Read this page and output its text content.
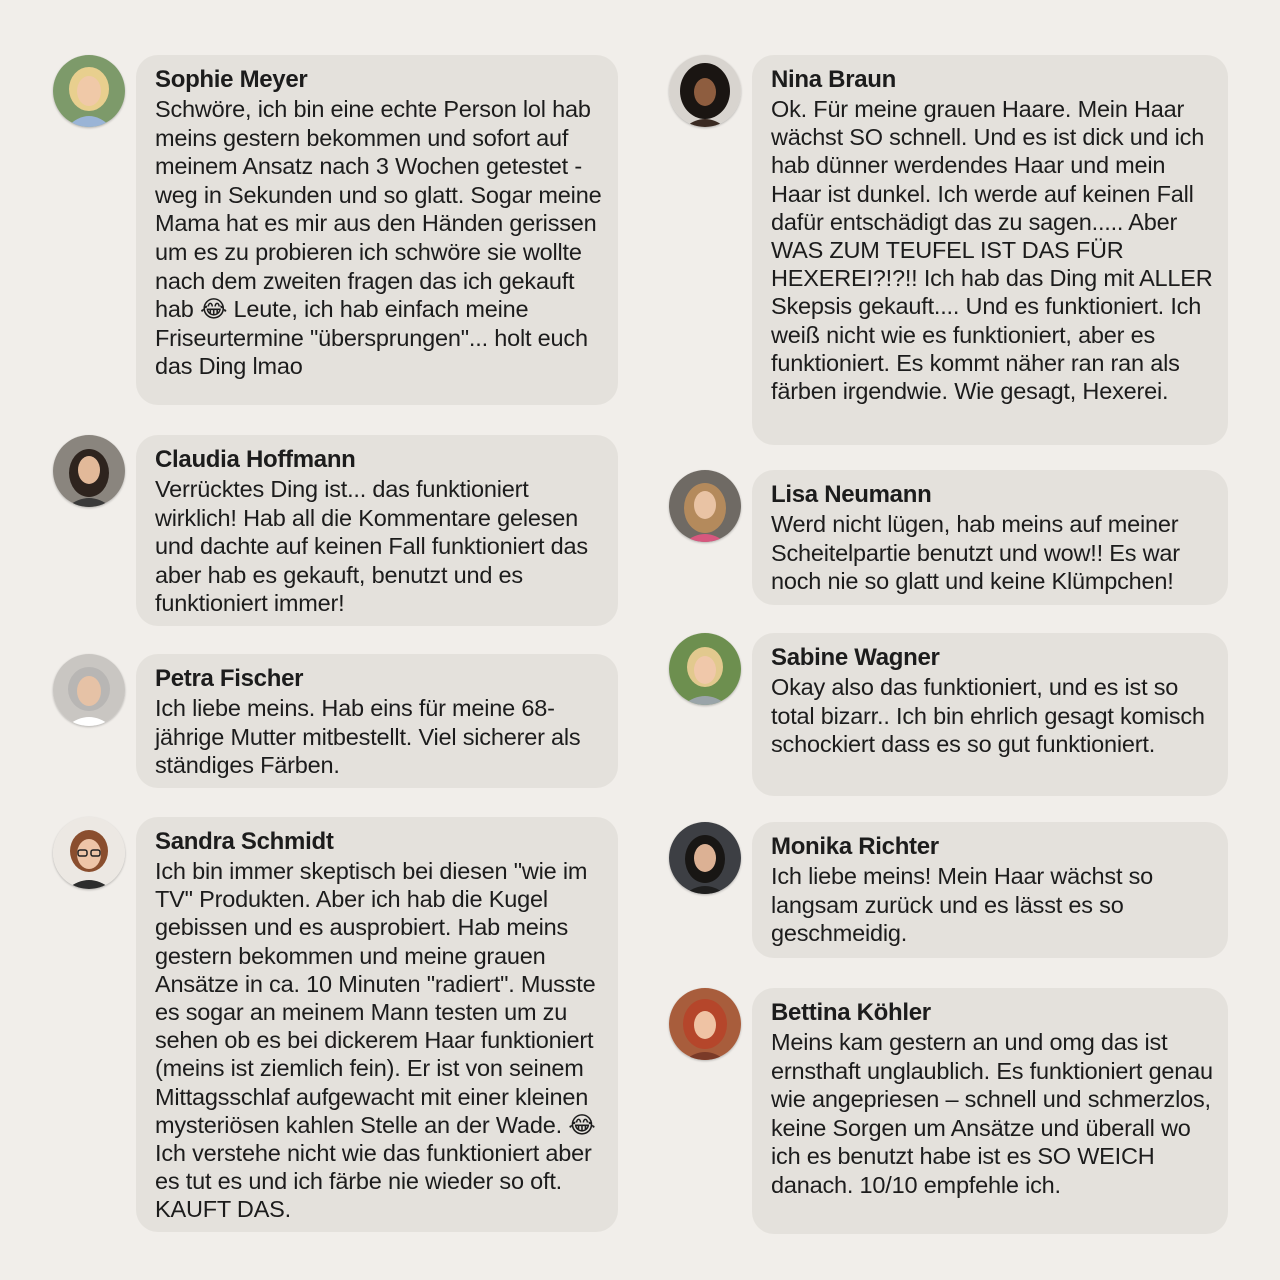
Sophie Meyer
Schwöre, ich bin eine echte Person lol hab meins gestern bekommen und sofort auf meinem Ansatz nach 3 Wochen getestet - weg in Sekunden und so glatt. Sogar meine Mama hat es mir aus den Händen gerissen um es zu probieren ich schwöre sie wollte nach dem zweiten fragen das ich gekauft hab 😂 Leute, ich hab einfach meine Friseurtermine "übersprungen"... holt euch das Ding lmao
Claudia Hoffmann
Verrücktes Ding ist... das funktioniert wirklich! Hab all die Kommentare gelesen und dachte auf keinen Fall funktioniert das aber hab es gekauft, benutzt und es funktioniert immer!
Petra Fischer
Ich liebe meins. Hab eins für meine 68-jährige Mutter mitbestellt. Viel sicherer als ständiges Färben.
Sandra Schmidt
Ich bin immer skeptisch bei diesen "wie im TV" Produkten. Aber ich hab die Kugel gebissen und es ausprobiert. Hab meins gestern bekommen und meine grauen Ansätze in ca. 10 Minuten "radiert". Musste es sogar an meinem Mann testen um zu sehen ob es bei dickerem Haar funktioniert (meins ist ziemlich fein). Er ist von seinem Mittagsschlaf aufgewacht mit einer kleinen mysteriösen kahlen Stelle an der Wade. 😂 Ich verstehe nicht wie das funktioniert aber es tut es und ich färbe nie wieder so oft. KAUFT DAS.
Nina Braun
Ok. Für meine grauen Haare. Mein Haar wächst SO schnell. Und es ist dick und ich hab dünner werdendes Haar und mein Haar ist dunkel. Ich werde auf keinen Fall dafür entschädigt das zu sagen..... Aber WAS ZUM TEUFEL IST DAS FÜR HEXEREI?!?!! Ich hab das Ding mit ALLER Skepsis gekauft.... Und es funktioniert. Ich weiß nicht wie es funktioniert, aber es funktioniert. Es kommt näher ran ran als färben irgendwie. Wie gesagt, Hexerei.
Lisa Neumann
Werd nicht lügen, hab meins auf meiner Scheitelpartie benutzt und wow!! Es war noch nie so glatt und keine Klümpchen!
Sabine Wagner
Okay also das funktioniert, und es ist so total bizarr.. Ich bin ehrlich gesagt komisch schockiert dass es so gut funktioniert.
Monika Richter
Ich liebe meins! Mein Haar wächst so langsam zurück und es lässt es so geschmeidig.
Bettina Köhler
Meins kam gestern an und omg das ist ernsthaft unglaublich. Es funktioniert genau wie angepriesen – schnell und schmerzlos, keine Sorgen um Ansätze und überall wo ich es benutzt habe ist es SO WEICH danach. 10/10 empfehle ich.
